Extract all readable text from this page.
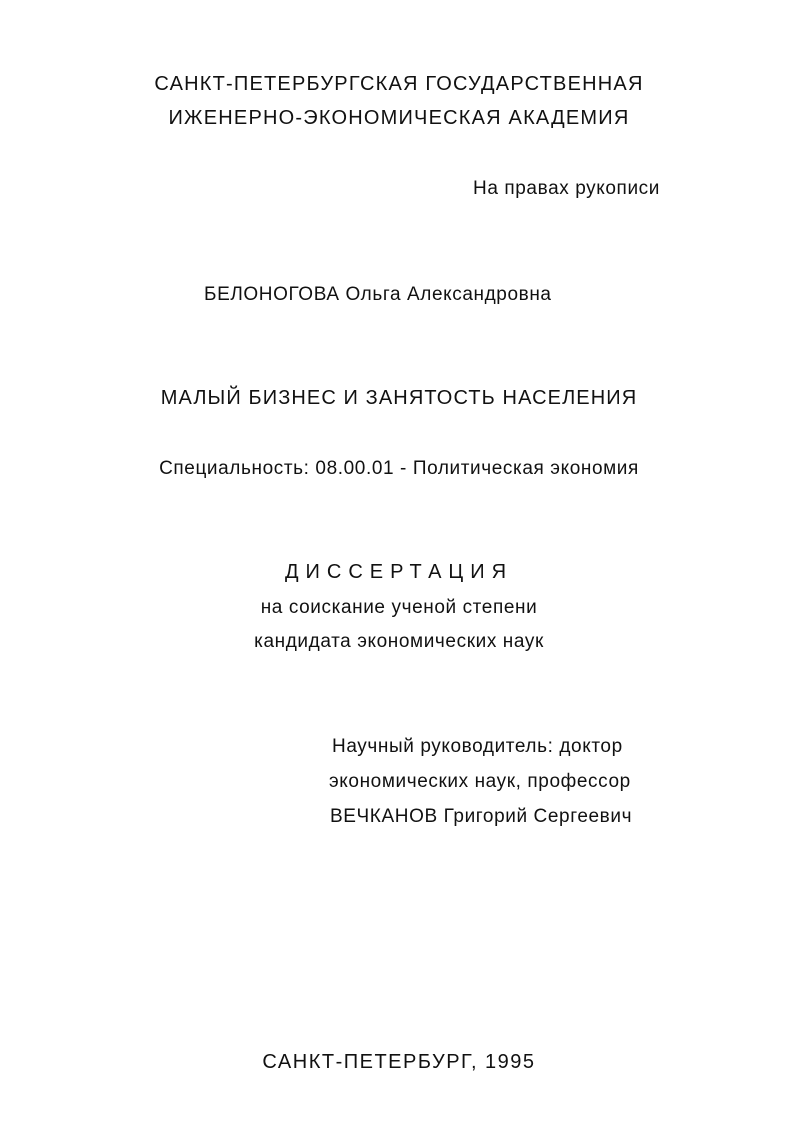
САНКТ-ПЕТЕРБУРГСКАЯ ГОСУДАРСТВЕННАЯ
ИЖЕНЕРНО-ЭКОНОМИЧЕСКАЯ АКАДЕМИЯ
На правах рукописи
БЕЛОНОГОВА Ольга Александровна
МАЛЫЙ БИЗНЕС И ЗАНЯТОСТЬ НАСЕЛЕНИЯ
Специальность: 08.00.01 - Политическая экономия
ДИССЕРТАЦИЯ
на соискание ученой степени
кандидата экономических наук
Научный руководитель: доктор
экономических наук, профессор
ВЕЧКАНОВ Григорий Сергеевич
САНКТ-ПЕТЕРБУРГ, 1995
